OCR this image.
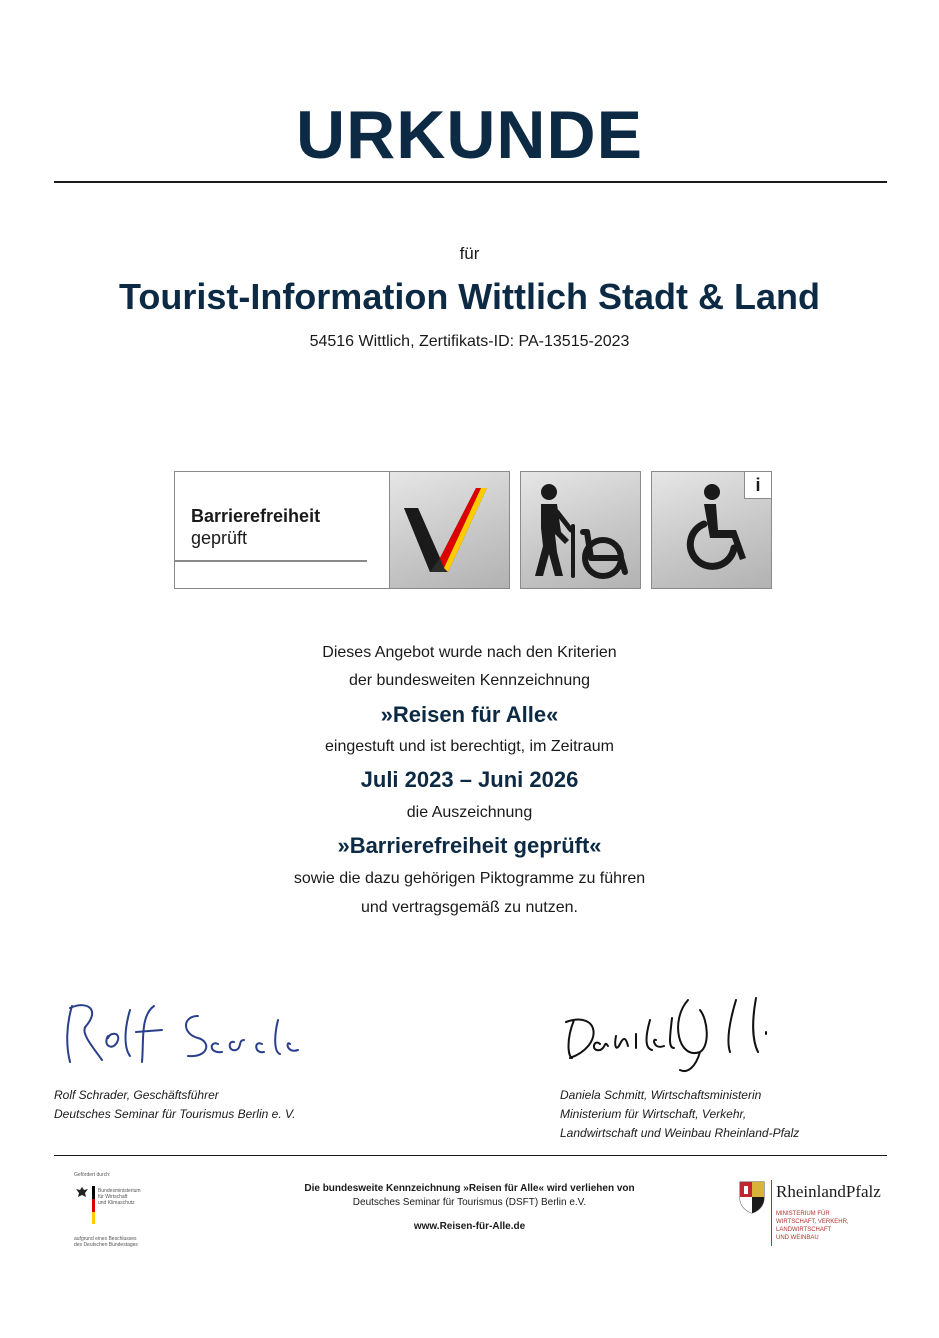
URKUNDE
für
Tourist-Information Wittlich Stadt & Land
54516 Wittlich, Zertifikats-ID: PA-13515-2023
Barrierefreiheit
geprüft
i
Dieses Angebot wurde nach den Kriterien
der bundesweiten Kennzeichnung
»Reisen für Alle«
eingestuft und ist berechtigt, im Zeitraum
Juli 2023 – Juni 2026
die Auszeichnung
»Barrierefreiheit geprüft«
sowie die dazu gehörigen Piktogramme zu führen
und vertragsgemäß zu nutzen.
Rolf Schrader, Geschäftsführer
Deutsches Seminar für Tourismus Berlin e. V.
Daniela Schmitt, Wirtschaftsministerin
Ministerium für Wirtschaft, Verkehr,
Landwirtschaft und Weinbau Rheinland-Pfalz
Gefördert durch:
Bundesministerium
für Wirtschaft
und Klimaschutz
aufgrund eines Beschlusses
des Deutschen Bundestages
Die bundesweite Kennzeichnung »Reisen für Alle« wird verliehen von
Deutsches Seminar für Tourismus (DSFT) Berlin e.V.
www.Reisen-für-Alle.de
RheinlandPfalz
MINISTERIUM FÜR
WIRTSCHAFT, VERKEHR,
LANDWIRTSCHAFT
UND WEINBAU
